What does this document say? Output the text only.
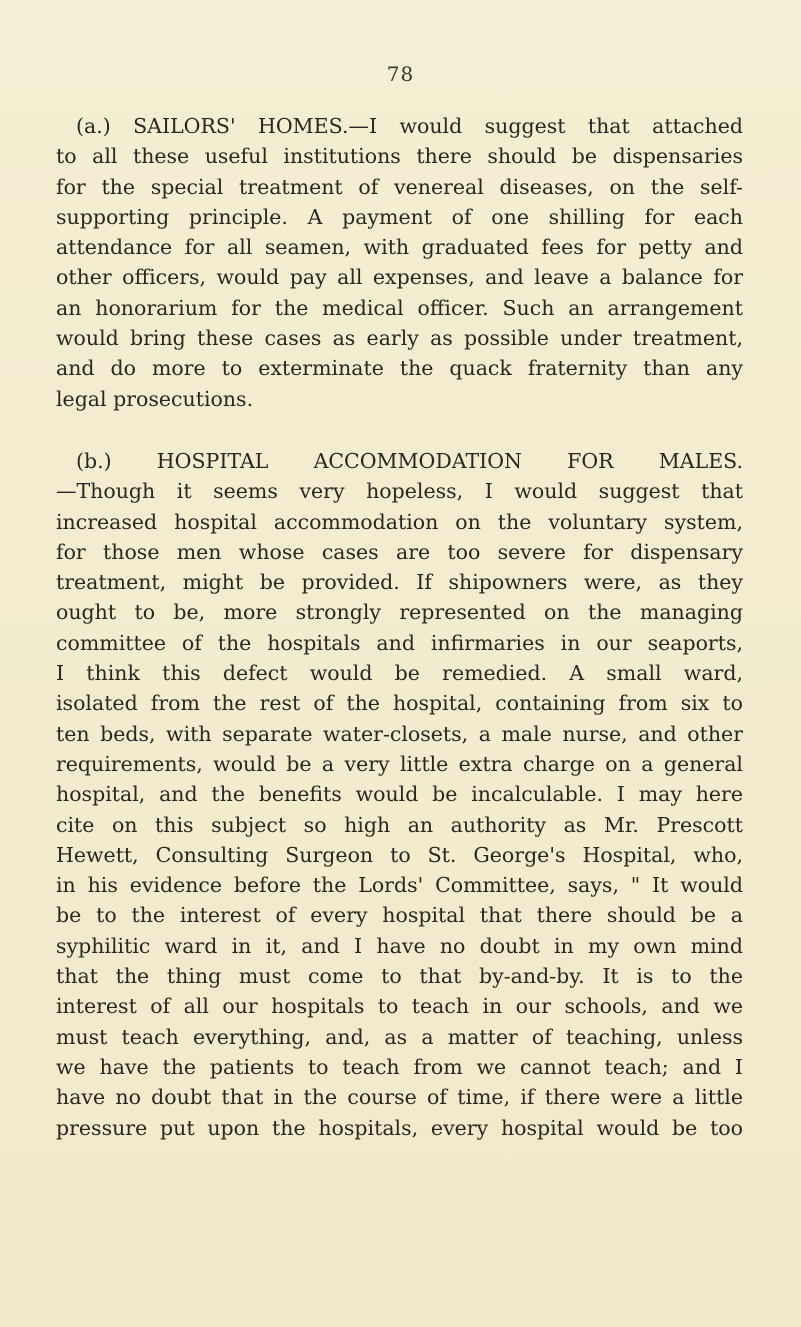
78
(a.) SAILORS' HOMES.—I would suggest that attached
to all these useful institutions there should be dispensaries
for the special treatment of venereal diseases, on the self-
supporting principle. A payment of one shilling for each
attendance for all seamen, with graduated fees for petty and
other officers, would pay all expenses, and leave a balance for
an honorarium for the medical officer. Such an arrangement
would bring these cases as early as possible under treatment,
and do more to exterminate the quack fraternity than any
legal prosecutions.
(b.) HOSPITAL ACCOMMODATION FOR MALES.
—Though it seems very hopeless, I would suggest that
increased hospital accommodation on the voluntary system,
for those men whose cases are too severe for dispensary
treatment, might be provided. If shipowners were, as they
ought to be, more strongly represented on the managing
committee of the hospitals and infirmaries in our seaports,
I think this defect would be remedied. A small ward,
isolated from the rest of the hospital, containing from six to
ten beds, with separate water-closets, a male nurse, and other
requirements, would be a very little extra charge on a general
hospital, and the benefits would be incalculable. I may here
cite on this subject so high an authority as Mr. Prescott
Hewett, Consulting Surgeon to St. George's Hospital, who,
in his evidence before the Lords' Committee, says, " It would
be to the interest of every hospital that there should be a
syphilitic ward in it, and I have no doubt in my own mind
that the thing must come to that by-and-by. It is to the
interest of all our hospitals to teach in our schools, and we
must teach everything, and, as a matter of teaching, unless
we have the patients to teach from we cannot teach; and I
have no doubt that in the course of time, if there were a little
pressure put upon the hospitals, every hospital would be too
